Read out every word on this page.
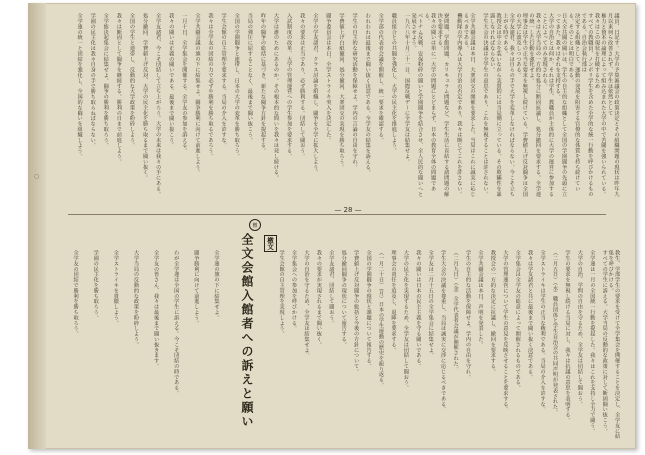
議員、日記す。大学の予算審議会の政策決定とその組織問題の現状は昨年九月以来何ら改善されず、学生は依然として
権力と資本の論理によって組み込まれた大学の中で苦闘を強いられている。我々はこの現状を打破するため
すべての教職員、ノンポリ学生を含めた全学的な統一行動を呼びかけるものである。自治会執行部は
決定する組織として、運動の発展を阻害する官僚的な体質を持ち続けている。そのことは明白である。
日大全共闘の闘いは、学生の自主的な組織として全国の学園闘争の先頭に立ってきた。我々はそれを支持する。
大学の自治とは何か。それは学生、教職員が主体的に大学の運営に参加することによってのみ実現される。
我々は大学当局の一方的な処分に断固抗議し、処分撤回を要求する。全学連の統一した行動を強化せよ。
理事会は学生の正当な要求を無視し続けている。学費値上げ反対闘争は全国の大学に波及しつつある。
全学友諸君、我々は自らの手で大学を変革しなければならない。今こそ立ち上がる時である。
教授会は中立を装いながら実質的には当局側に立っている。その欺瞞性を暴露しなければならない。
学生大会の決議は全学生の意思であり、これを無視することは許されない。
全学共闘会議は本日、大衆団交の開催を要求した。当局はこれに誠実に応じるべきである。
機動隊の学内導入は大学自治の否定であり、我々は断じてこれを許さない。
寮問題、学館問題、カリキュラム問題など、学生生活に直結する諸問題の解決を要求する。
我々の闘いは単に一大学の問題にとどまらず、日本の教育全体の問題である。
ベトナム反戦、安保粉砕の闘いと学園闘争を結合させ、全人民的な闘いへと発展させよう。
一九六八年十月二十一日、国際反戦デーに全学友は結集せよ。
職員組合との共闘を強化し、大学の民主化を推進しよう。
全学部の代表者会議を開催し、統一要求を確認する。
われわれは最後まで闘い抜く決意である。全学友の結集を訴える。
学生の自主的な研究活動を保障せよ。学内の言論の自由を守れ。
学費値上げ白紙撤回、処分撤回、大衆団交の実現を勝ち取ろう。
闘争委員会は本日、全学ストライキ突入を決定した。
全学の学友諸君、クラス討論を組織し、闘争を全学に拡大しよう。
我々の要求は正当であり、必ず勝利する。団結して闘おう。
入試制度の改革、大学の管理運営への学生参加を要求する。
大学は誰のためにあるのか。その根本的な問いを我々は発し続ける。
昨年の闘争の総括に基づき、新たな闘争方針を提起する。
当局の弾圧に屈することなく、最後まで闘い抜こう。
全国の学園闘争と連帯し、日本の大学の変革を勝ち取ろう。
学生会館の自主管理を要求する。当局の介入を許すな。
我々は全学友の団結の力で必ずや勝利を勝ち取るであろう。
全学共闘会議の旗の下に結集せよ。闘争勝利に向けて前進しよう。
一月十日、全学集会を開催する。全学友の参加を訴える。
我々の闘いは正義の闘いである。最後まで闘い抜こう。
全学友諸君、今こそ団結して立ち上がろう。大学の未来は我々の手にある。
処分撤回、学費値上げ反対、大学の民主化を勝ち取るまで闘い抜く。
全国の学生と連帯し、反動的な大学政策を粉砕しよう。
我々は断固として闘争を継続する。勝利の日まで前進しよう。
全学総決起集会に結集せよ。闘争の勝利を勝ち取ろう。
学園の民主化は我々自身の手で勝ち取らねばならない。
全学連の統一と団結を強化し、全国的な闘いを組織しよう。
— 28 —
教生、学部学生の要求を受けて全学集会を開催することを決定し、全学友に結集を呼びかける。
すべての学生に訴える。大学当局の反動的な政策に対して断固闘い抜こう。
全学連は一月の全国統一行動を提起した。我々はこれを支持し全力で闘う。
大学の自治、学問の自由を守るため、全学友は団結して闘おう。
学生の要求を無視し続ける当局に対し、我々は抗議の意思を表明する。
（二月五日）（水）職員団体と学生自治会の共同声明が発表された。
全学ストライキは学生の正当な権利である。当局の介入を許すな。
我々は学友諸君と共に最後まで闘い抜く決意である。
全学集会は全学友の総意によって開催されるものである。
大学の管理運営について学生の意見を反映させることを要求する。
教授会の一方的な決定に抗議し、撤回を要求する。
全学共闘会議は本日、声明を発表した。
学生の自主的な活動を保障せよ。学内の自由を守れ。
（二月九日）（金）全学代表者会議が開催された。
学生大会の決議を尊重し、当局は誠実に交渉に応じるべきである。
全学友は二月十五日の全学集会に結集せよ。
我々の闘いは日本の民主主義を守る闘いである。
大学の民主化を実現するため、全学友は団結して闘おう。
理事会の責任を追及し、退陣を要求する。
（一月二十日）（月）日本の学生運動の歴史を振り返る。
全国の学園闘争の現状と課題について報告する。
学費値上げ反対闘争の総括と今後の方針について。
処分撤回闘争の現状について報告する。
全学友諸君、団結して闘おう。
我々の要求が実現されるまで闘い抜く。
大学の自治を守るため、全学友は結集せよ。
全学集会への参加を呼びかける。
学生会館の自主管理を実現しよう。
全学連の旗の下に結集せよ。
闘争勝利に向けて前進しよう。
わが全学連は全国の学生に訴える。今こそ団結の時である。
全学友の皆さん、我々は最後まで闘い抜きます。
大学当局の反動的な政策を粉砕しよう。
全学ストライキを貫徹しよう。
学園の民主化を勝ち取ろう。
全学友の団結で勝利を勝ち取ろう。
檄
檄文
全文会館入館者への訴えと願い
○
